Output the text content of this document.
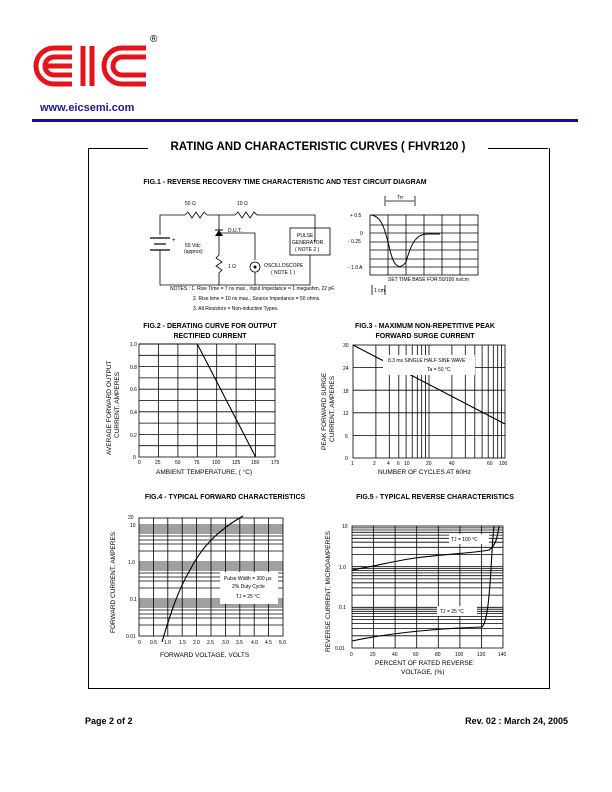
®
www.eicsemi.com
RATING AND CHARACTERISTIC CURVES ( FHVR120 )
FIG.1 - REVERSE RECOVERY TIME CHARACTERISTIC AND TEST CIRCUIT DIAGRAM
50 Ω	10 Ω
D.U.T.
+
50 Vdc
(approx)
1 Ω
PULSE
GENERATOR
( NOTE 2 )
OSCILLOSCOPE
( NOTE 1 )
NOTES : 1. Rise Time = 7 ns max., Input Impedance = 1 megaohm, 22 pF.
2. Rise time = 10 ns max., Source Impedance = 50 ohms.
3. All Resistors = Non-inductive Types.
Trr
+ 0.5
0
- 0.25
- 1.0 A
SET TIME BASE FOR 50/100 ns/cm
1 cm
FIG.2 - DERATING CURVE FOR OUTPUT
RECTIFIED CURRENT
1.0
0.8
0.6
0.4
0.2
0
0	25	50	75 100 125 150 175
AMBIENT TEMPERATURE, ( °C)
AVERAGE FORWARD OUTPUT CURRENT, AMPERES
FIG.3 - MAXIMUM NON-REPETITIVE PEAK
FORWARD SURGE CURRENT
8.3 ms SINGLE HALF SINE WAVE
Ta = 50 °C
30
24
18
12
6
0
1	2 4 6 10	20	40	60 100
NUMBER OF CYCLES AT 60Hz
PEAK FORWARD SURGE CURRENT, AMPERES
FIG.4 - TYPICAL FORWARD CHARACTERISTICS
Pulse Width = 300 μs
2% Duty Cycle
TJ = 25 °C
20
10
1.0
0.1
0.01
0 0.5 1.0 1.5 2.0 2.5 3.0 3.5 4.0 4.5 5.0
FORWARD VOLTAGE, VOLTS
FORWARD CURRENT, AMPERES
FIG.5 - TYPICAL REVERSE CHARACTERISTICS
TJ = 100 °C
TJ = 25 °C
10
1.0
0.1
0.01
0	20	40	60	80	100	120	140
PERCENT OF RATED REVERSE
VOLTAGE, (%)
REVERSE CURRENT, MICROAMPERES
Page 2 of 2	Rev. 02 : March 24, 2005
